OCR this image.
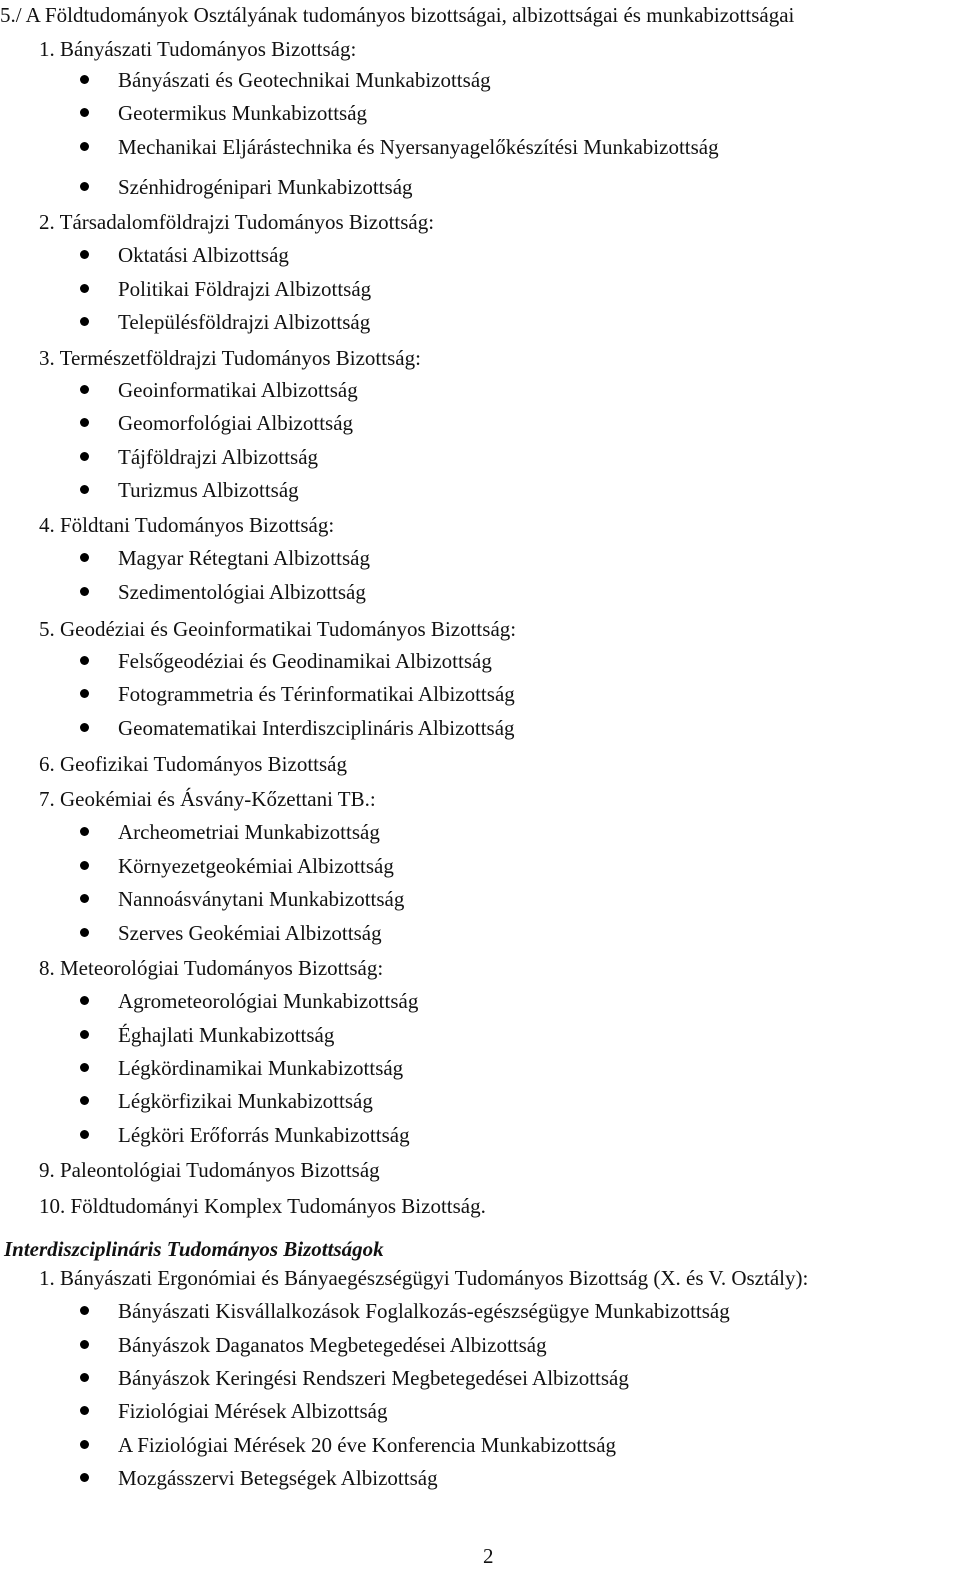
5./ A Földtudományok Osztályának tudományos bizottságai, albizottságai és munkabizottságai
1. Bányászati Tudományos Bizottság:
Bányászati és Geotechnikai Munkabizottság
Geotermikus Munkabizottság
Mechanikai Eljárástechnika és Nyersanyagelőkészítési Munkabizottság
Szénhidrogénipari Munkabizottság
2. Társadalomföldrajzi Tudományos Bizottság:
Oktatási Albizottság
Politikai Földrajzi Albizottság
Településföldrajzi Albizottság
3. Természetföldrajzi Tudományos Bizottság:
Geoinformatikai Albizottság
Geomorfológiai Albizottság
Tájföldrajzi Albizottság
Turizmus Albizottság
4. Földtani Tudományos Bizottság:
Magyar Rétegtani Albizottság
Szedimentológiai Albizottság
5. Geodéziai és Geoinformatikai Tudományos Bizottság:
Felsőgeodéziai és Geodinamikai Albizottság
Fotogrammetria és Térinformatikai Albizottság
Geomatematikai Interdiszciplináris Albizottság
6. Geofizikai Tudományos Bizottság
7. Geokémiai és Ásvány-Kőzettani TB.:
Archeometriai Munkabizottság
Környezetgeokémiai Albizottság
Nannoásványtani Munkabizottság
Szerves Geokémiai Albizottság
8. Meteorológiai Tudományos Bizottság:
Agrometeorológiai Munkabizottság
Éghajlati Munkabizottság
Légkördinamikai Munkabizottság
Légkörfizikai Munkabizottság
Légköri Erőforrás Munkabizottság
9. Paleontológiai Tudományos Bizottság
10. Földtudományi Komplex Tudományos Bizottság.
Interdiszciplináris Tudományos Bizottságok
1. Bányászati Ergonómiai és Bányaegészségügyi Tudományos Bizottság (X. és V. Osztály):
Bányászati Kisvállalkozások Foglalkozás-egészségügye Munkabizottság
Bányászok Daganatos Megbetegedései Albizottság
Bányászok Keringési Rendszeri Megbetegedései Albizottság
Fiziológiai Mérések Albizottság
A Fiziológiai Mérések 20 éve Konferencia Munkabizottság
Mozgásszervi Betegségek Albizottság
2
